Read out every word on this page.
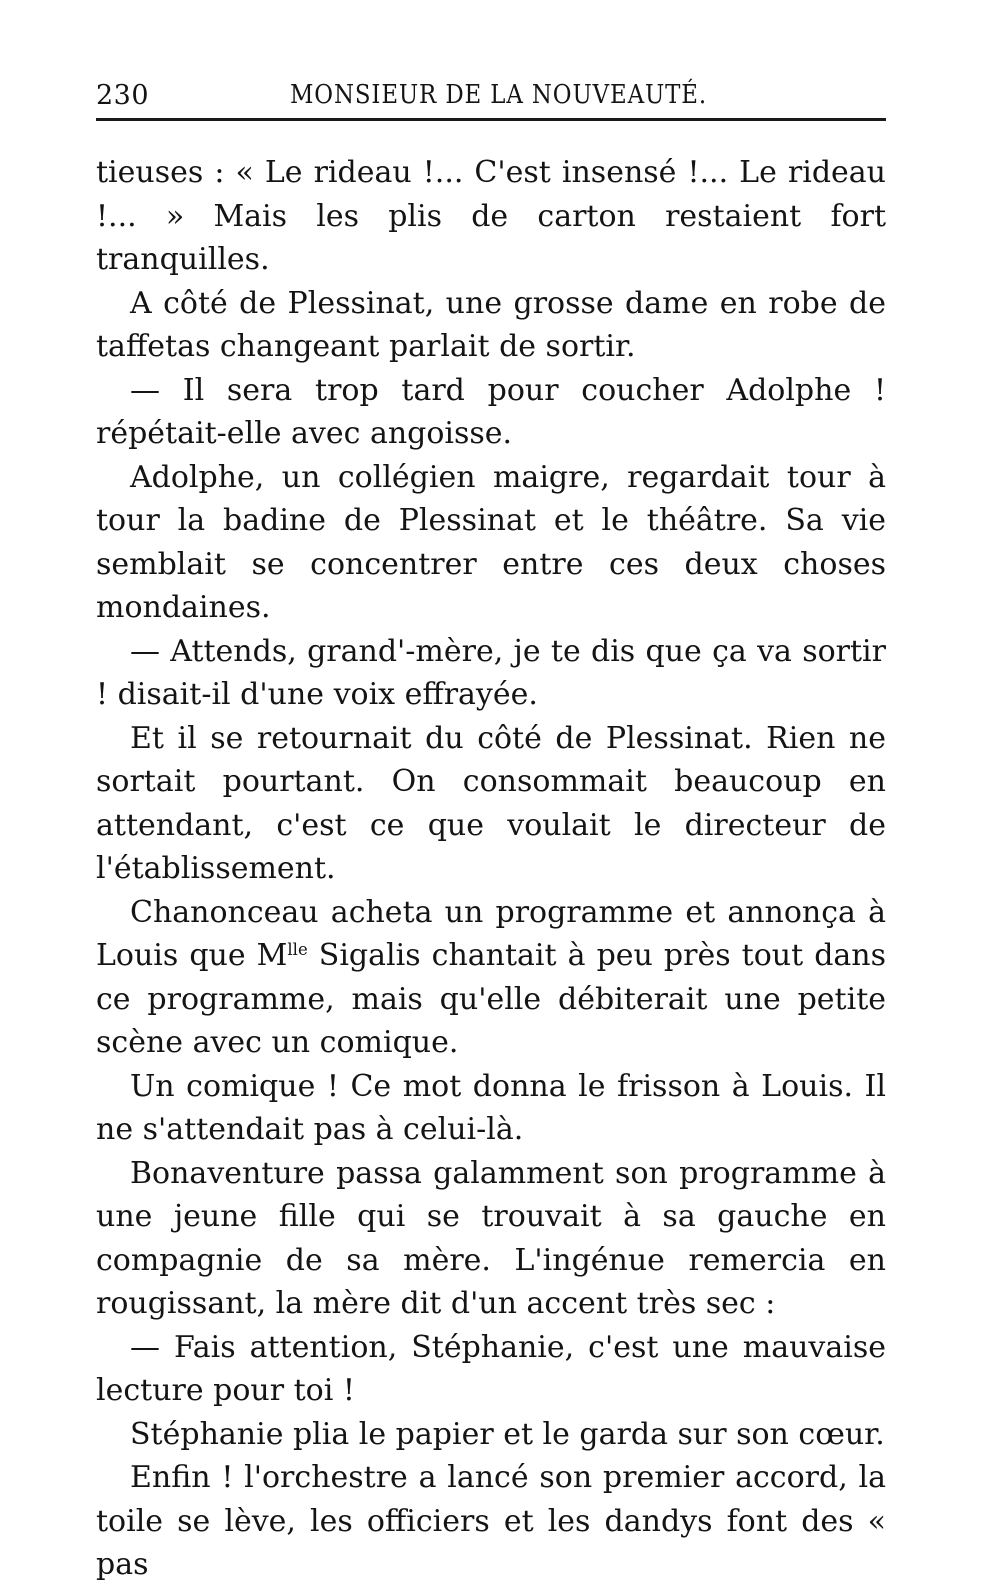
230	MONSIEUR DE LA NOUVEAUTÉ.

tieuses : « Le rideau !... C'est insensé !... Le rideau !... » Mais les plis de carton restaient fort tranquilles.

A côté de Plessinat, une grosse dame en robe de taffetas changeant parlait de sortir.

— Il sera trop tard pour coucher Adolphe ! répétait-elle avec angoisse.

Adolphe, un collégien maigre, regardait tour à tour la badine de Plessinat et le théâtre. Sa vie semblait se concentrer entre ces deux choses mondaines.

— Attends, grand'-mère, je te dis que ça va sortir ! disait-il d'une voix effrayée.

Et il se retournait du côté de Plessinat. Rien ne sortait pourtant. On consommait beaucoup en attendant, c'est ce que voulait le directeur de l'établissement.

Chanonceau acheta un programme et annonça à Louis que $M^{lle}$ Sigalis chantait à peu près tout dans ce programme, mais qu'elle débiterait une petite scène avec un comique.

Un comique ! Ce mot donna le frisson à Louis. Il ne s'attendait pas à celui-là.

Bonaventure passa galamment son programme à une jeune fille qui se trouvait à sa gauche en compagnie de sa mère. L'ingénue remercia en rougissant, la mère dit d'un accent très sec :

— Fais attention, Stéphanie, c'est une mauvaise lecture pour toi !

Stéphanie plia le papier et le garda sur son cœur.

Enfin ! l'orchestre a lancé son premier accord, la toile se lève, les officiers et les dandys font des « pas
